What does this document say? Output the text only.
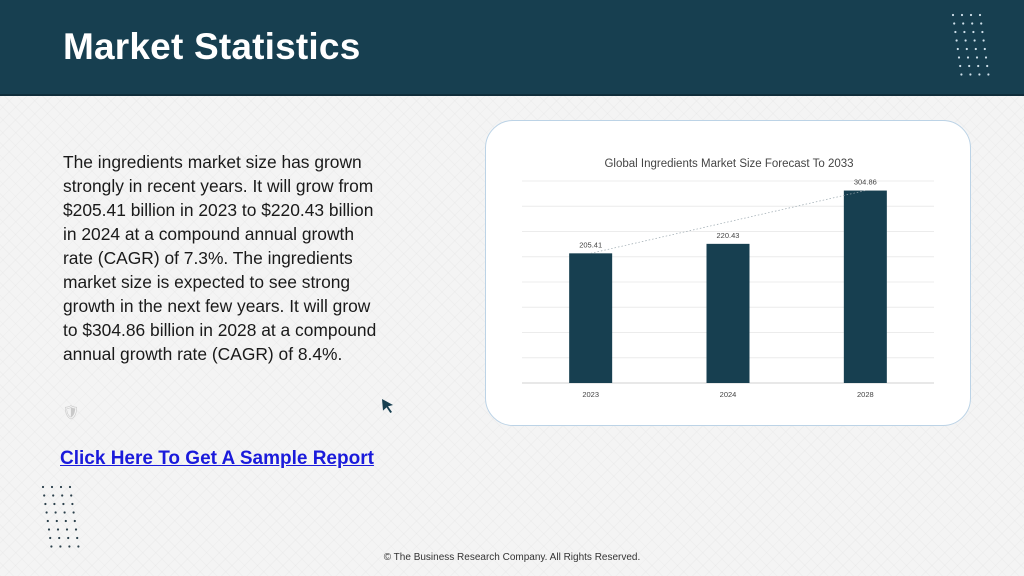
Market Statistics

The ingredients market size has grown strongly in recent years. It will grow from $205.41 billion in 2023 to $220.43 billion in 2024 at a compound annual growth rate (CAGR) of 7.3%. The ingredients market size is expected to see strong growth in the next few years. It will grow to $304.86 billion in 2028 at a compound annual growth rate (CAGR) of 8.4%.

🛡
Click Here To Get A Sample Report
Global Ingredients Market Size Forecast To 2033
205.41
2023
220.43
2024
304.86
2028
© The Business Research Company. All Rights Reserved.
